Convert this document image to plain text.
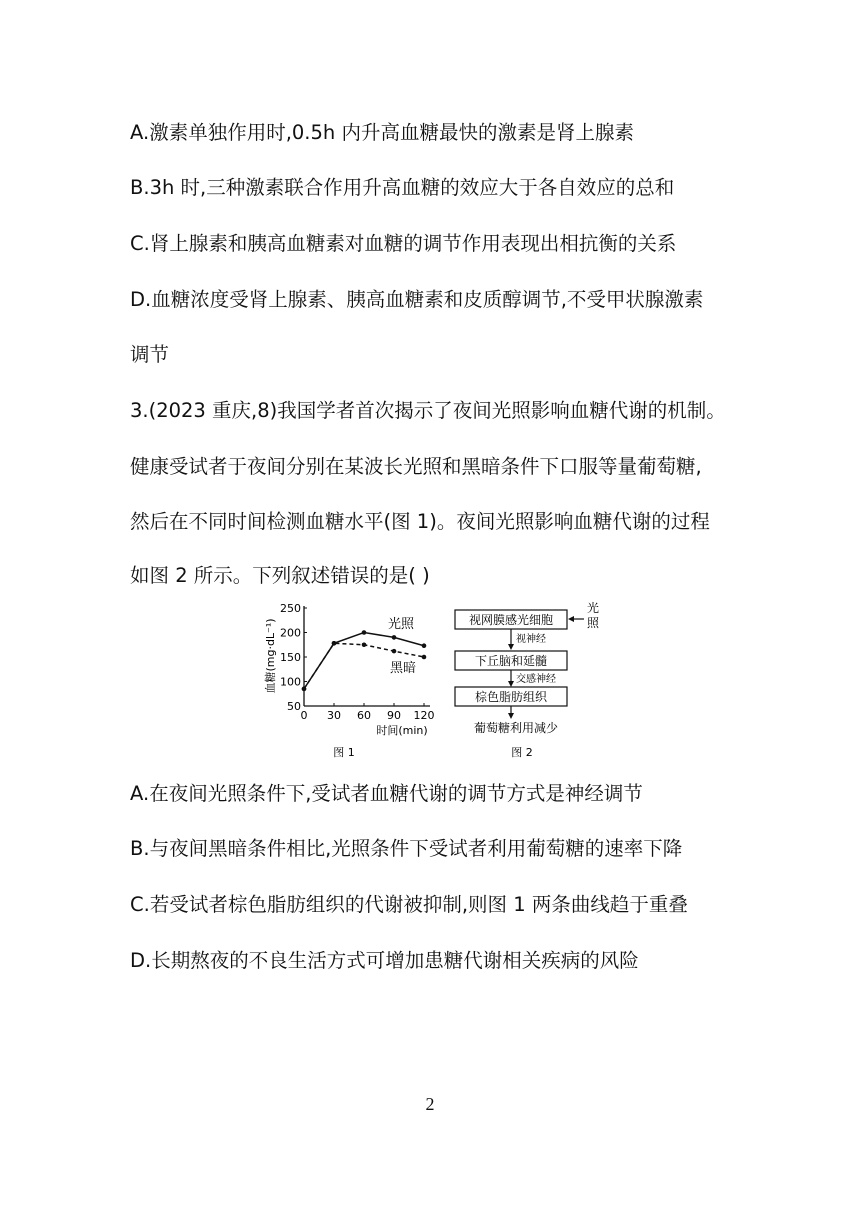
A.激素单独作用时,0.5h 内升高血糖最快的激素是肾上腺素
B.3h 时,三种激素联合作用升高血糖的效应大于各自效应的总和
C.肾上腺素和胰高血糖素对血糖的调节作用表现出相抗衡的关系
D.血糖浓度受肾上腺素、胰高血糖素和皮质醇调节,不受甲状腺激素
调节
3.(2023 重庆,8)我国学者首次揭示了夜间光照影响血糖代谢的机制。
健康受试者于夜间分别在某波长光照和黑暗条件下口服等量葡萄糖,
然后在不同时间检测血糖水平(图 1)。夜间光照影响血糖代谢的过程
如图 2 所示。下列叙述错误的是( )
50
100
150
200
250
0 30 60 90 120
光照
黑暗
血糖(mg·dL⁻¹)
时间(min)
图 1
视网膜感光细胞
光
照
视神经
下丘脑和延髓
交感神经
棕色脂肪组织
葡萄糖利用减少
图 2
A.在夜间光照条件下,受试者血糖代谢的调节方式是神经调节
B.与夜间黑暗条件相比,光照条件下受试者利用葡萄糖的速率下降
C.若受试者棕色脂肪组织的代谢被抑制,则图 1 两条曲线趋于重叠
D.长期熬夜的不良生活方式可增加患糖代谢相关疾病的风险
2
